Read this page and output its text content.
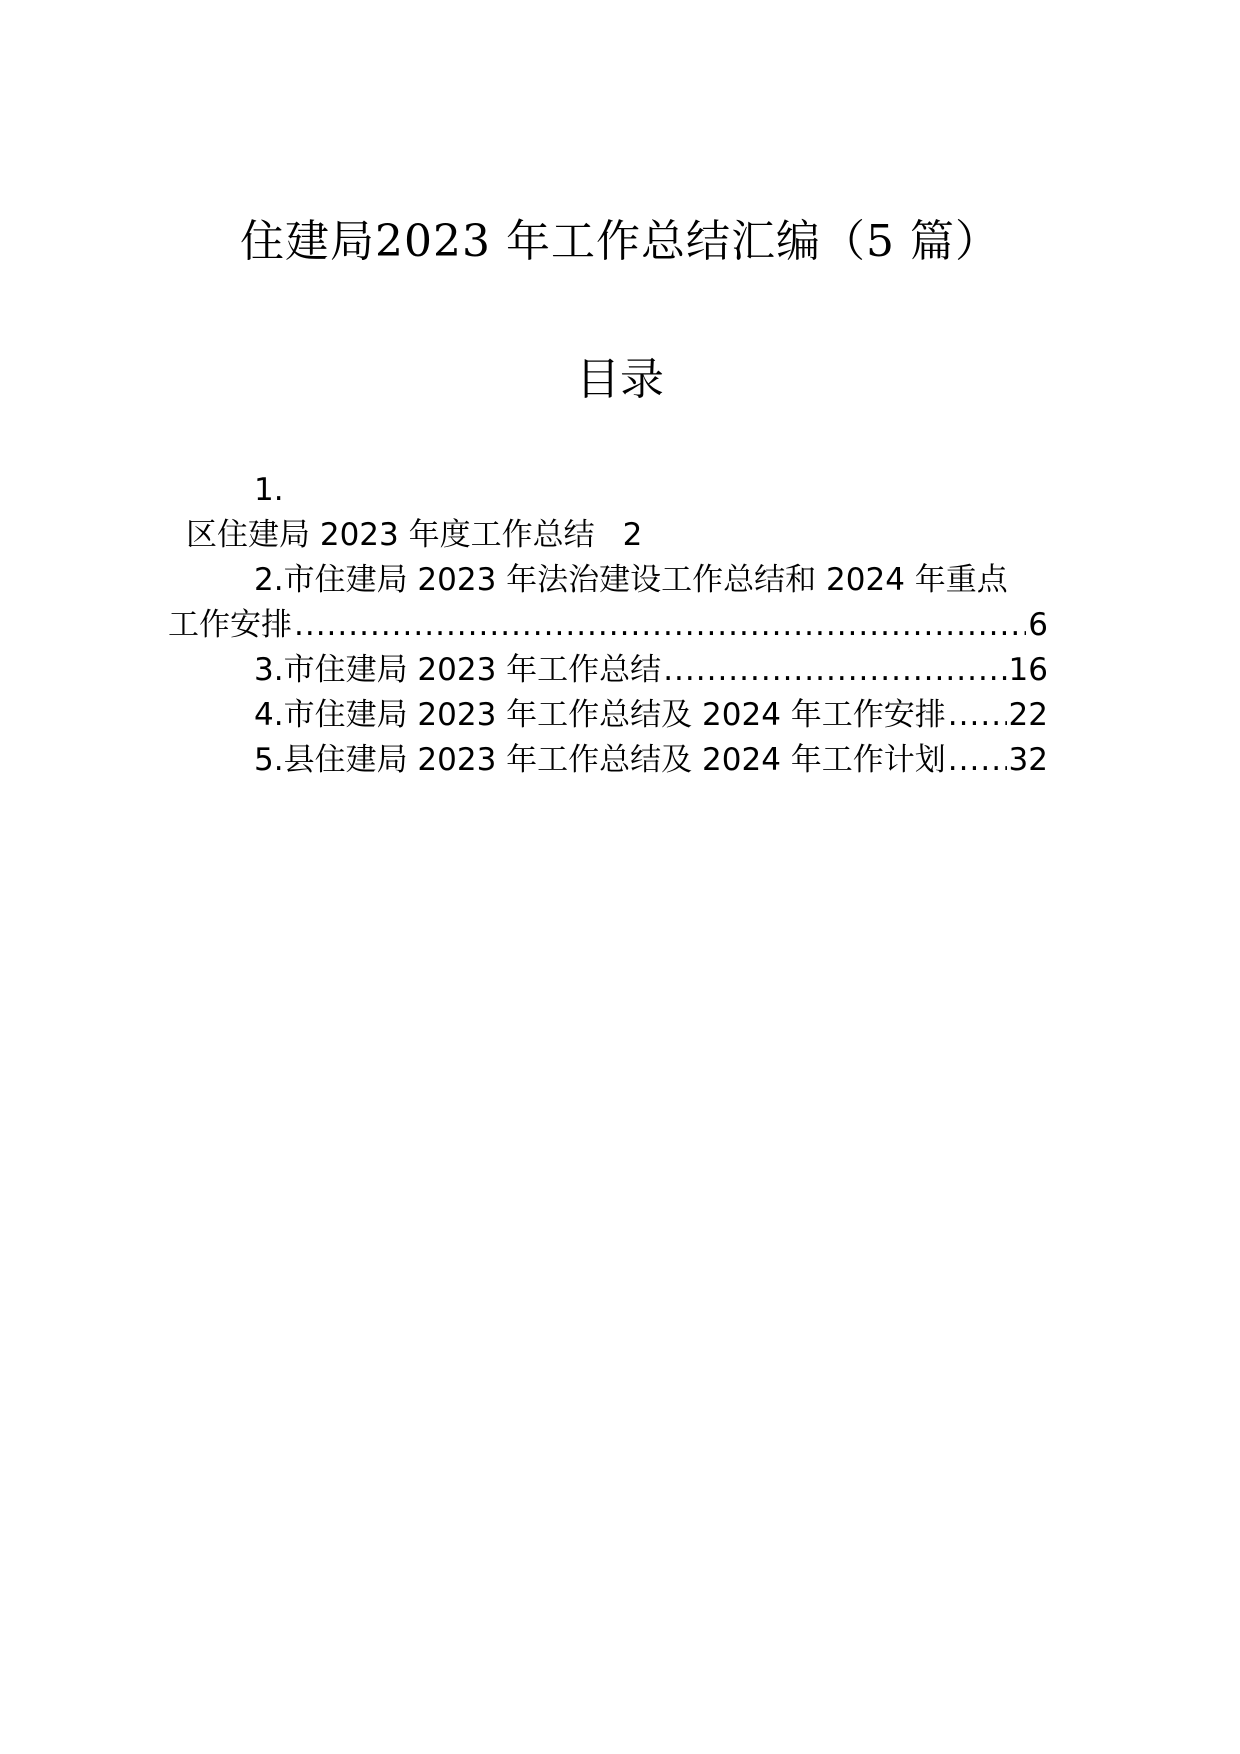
住建局2023 年工作总结汇编（5 篇）
目录
1.
区住建局 2023 年度工作总结 2
2.市住建局 2023 年法治建设工作总结和 2024 年重点
工作安排 .....	6
3.市住建局 2023 年工作总结 .....	16
4.市住建局 2023 年工作总结及 2024 年工作安排 ..... 22
5.县住建局 2023 年工作总结及 2024 年工作计划 ..... 32
